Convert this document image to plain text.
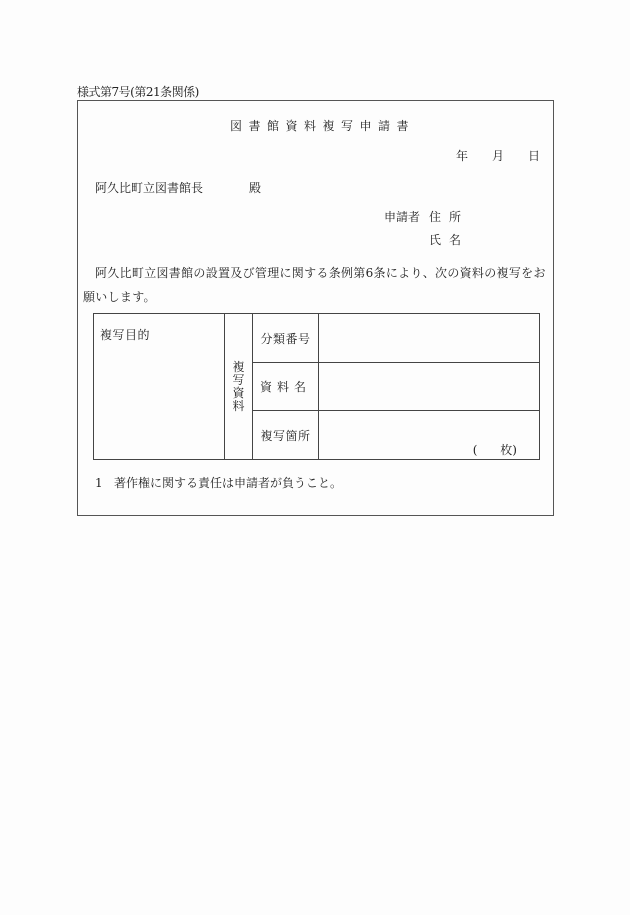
様式第7号(第21条関係)
図書館資料複写申請書
年 月 日
阿久比町立図書館長	殿
申請者 住所
氏名
阿久比町立図書館の設置及び管理に関する条例第6条により、次の資料の複写をお願いします。
複写目的	複写資料	分類番号	
		資料名	
		複写箇所	(      枚)
1 著作権に関する責任は申請者が負うこと。
